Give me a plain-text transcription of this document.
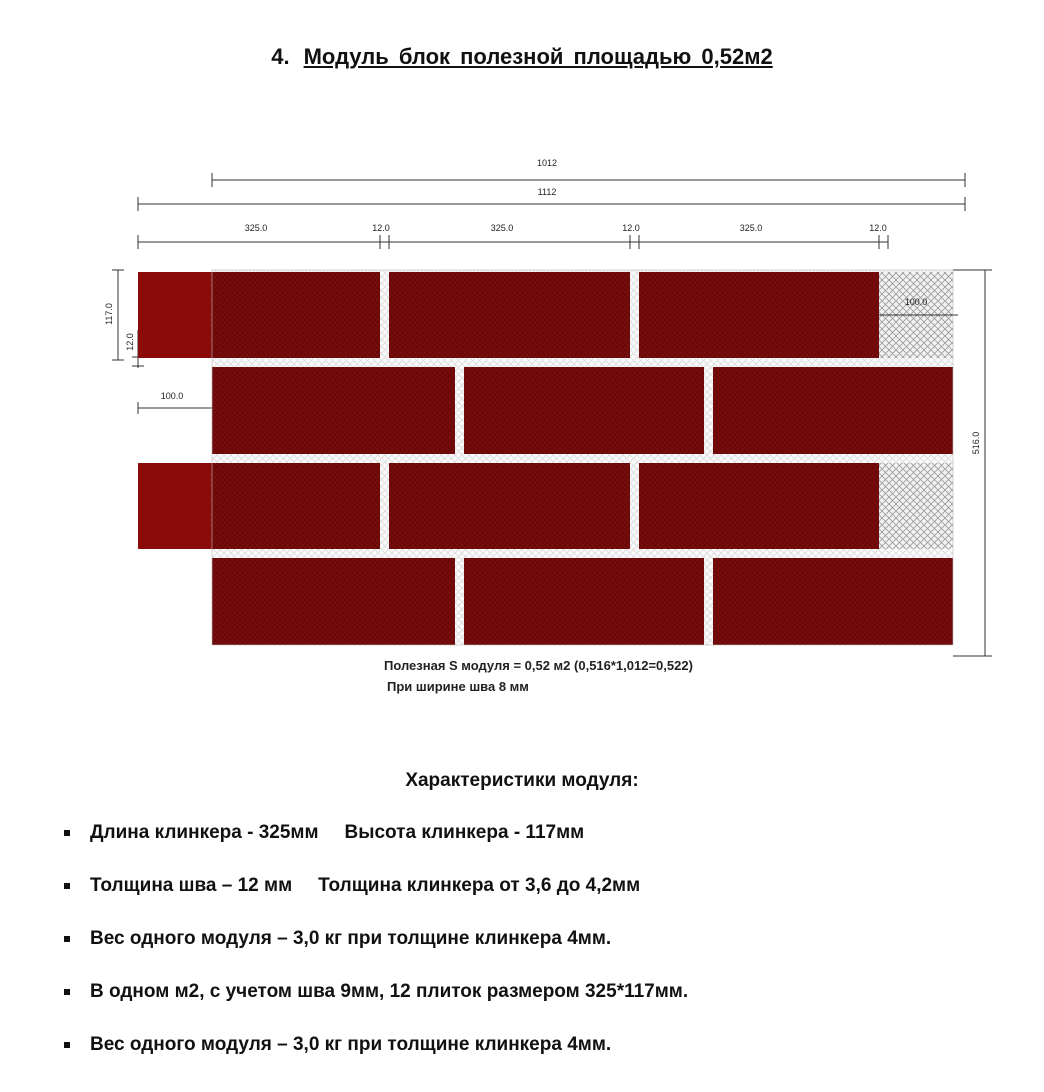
4. Модуль блок полезной площадью 0,52м2
1012
1112
325.0	12.0	325.0	12.0	325.0	12.0
117.0
12.0
100.0
516.0
100.0
Полезная S модуля = 0,52 м2 (0,516*1,012=0,522)
При ширине шва 8 мм
Характеристики модуля:
Длина клинкера - 325мм Высота клинкера - 117мм
Толщина шва – 12 мм Толщина клинкера от 3,6 до 4,2мм
Вес одного модуля – 3,0 кг при толщине клинкера 4мм.
В одном м2, с учетом шва 9мм, 12 плиток размером 325*117мм.
Вес одного модуля – 3,0 кг при толщине клинкера 4мм.
